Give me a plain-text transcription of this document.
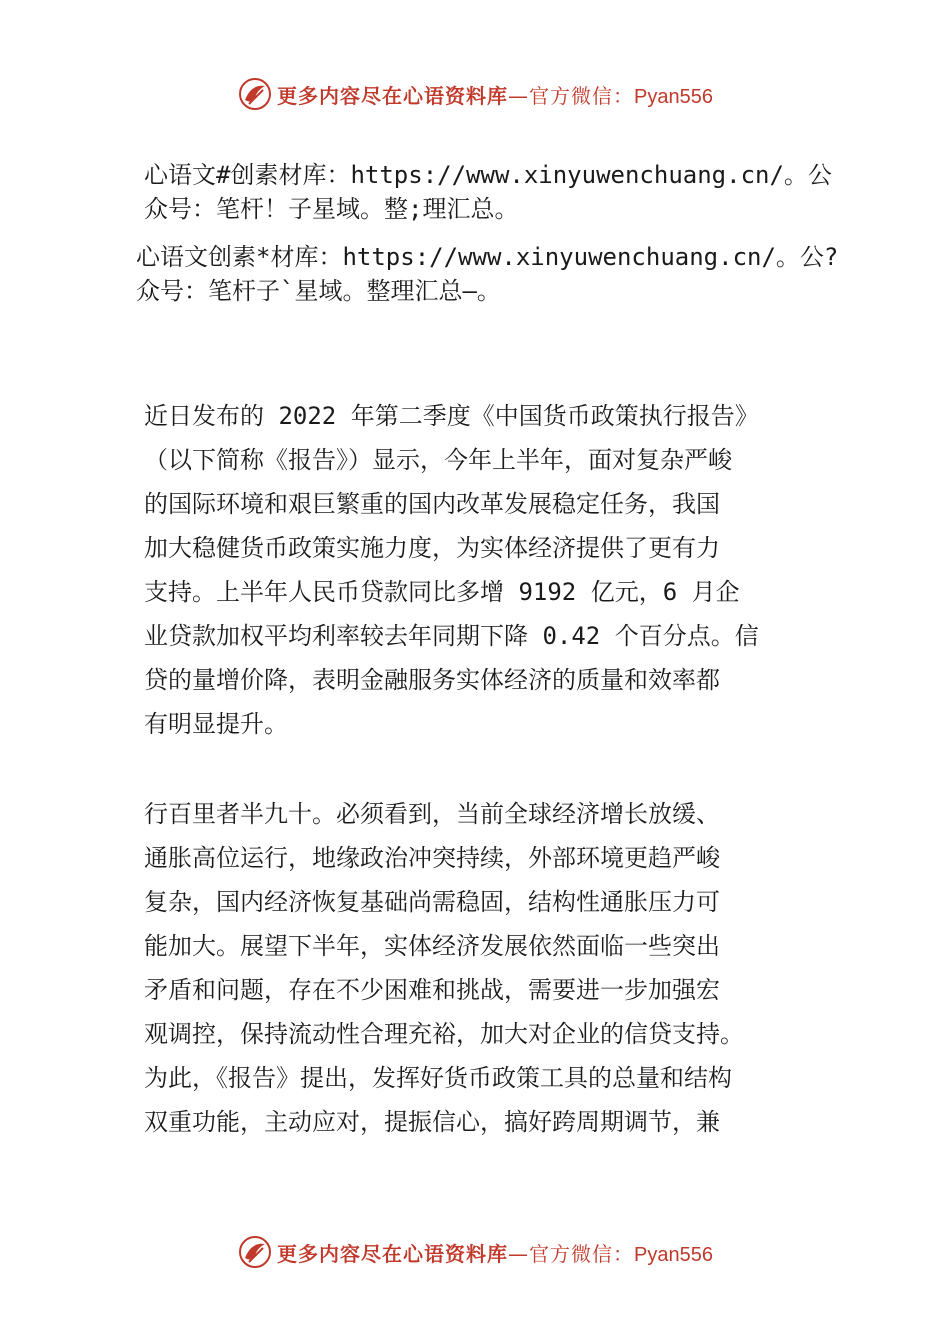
更多内容尽在心语资料库—官方微信：Pyan556
心语文#创素材库：https://www.xinyuwenchuang.cn/。公
众号：笔杆！子星域。整;理汇总。
心语文创素*材库：https://www.xinyuwenchuang.cn/。公?
众号：笔杆子`星域。整理汇总—。
近日发布的 2022 年第二季度《中国货币政策执行报告》
（以下简称《报告》）显示，今年上半年，面对复杂严峻
的国际环境和艰巨繁重的国内改革发展稳定任务，我国
加大稳健货币政策实施力度，为实体经济提供了更有力
支持。上半年人民币贷款同比多增 9192 亿元，6 月企
业贷款加权平均利率较去年同期下降 0.42 个百分点。信
贷的量增价降，表明金融服务实体经济的质量和效率都
有明显提升。
行百里者半九十。必须看到，当前全球经济增长放缓、
通胀高位运行，地缘政治冲突持续，外部环境更趋严峻
复杂，国内经济恢复基础尚需稳固，结构性通胀压力可
能加大。展望下半年，实体经济发展依然面临一些突出
矛盾和问题，存在不少困难和挑战，需要进一步加强宏
观调控，保持流动性合理充裕，加大对企业的信贷支持。
为此，《报告》提出，发挥好货币政策工具的总量和结构
双重功能，主动应对，提振信心，搞好跨周期调节，兼
更多内容尽在心语资料库—官方微信：Pyan556
